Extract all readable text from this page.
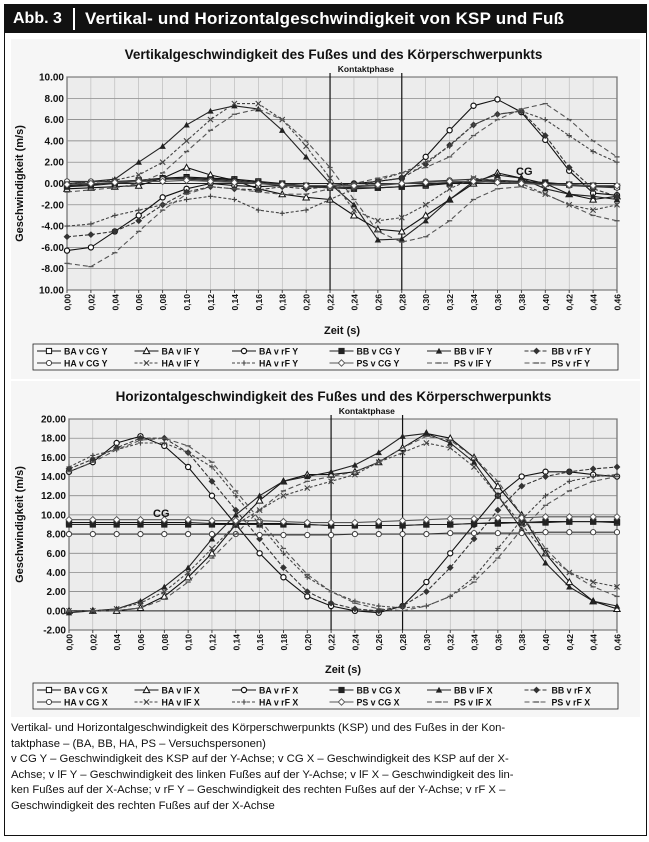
Abb. 3 Vertikal- und Horizontalgeschwindigkeit von KSP und Fuß
Vertikalgeschwindigkeit des Fußes und des Körperschwerpunkts
10.00
8.00
6.00
4.00
2.00
0.00
-2.00
-4.00
-6.00
-8.00
10.00
0,00 0,02 0,04 0,06 0,08 0,10 0,12 0,14 0,16 0,18 0,20 0,22 0,24 0,26 0,28 0,30 0,32 0,34 0,36 0,38 0,40 0,42 0,44 0,46
Kontaktphase
CG
Zeit (s)
Geschwindigkeit (m/s)
BA v CG Y	BA v lF Y	BA v rF Y	BB v CG Y	BB v lF Y	BB v rF Y
HA v CG Y	HA v lF Y	HA v rF Y	PS v CG Y	PS v lF Y	PS v rF Y
Horizontalgeschwindigkeit des Fußes und des Körperschwerpunkts
20.00
18.00
16.00
14.00
12.00
10.00
8.00
6.00
4.00
2.00
0.00
-2.00
0,00 0,02 0,04 0,06 0,08 0,10 0,12 0,14 0,16 0,18 0,20 0,22 0,24 0,26 0,28 0,30 0,32 0,34 0,36 0,38 0,40 0,42 0,44 0,46
Kontaktphase
CG
Zeit (s)
Geschwindigkeit (m/s)
BA v CG X	BA v lF X	BA v rF X	BB v CG X	BB v lF X	BB v rF X
HA v CG X	HA v lF X	HA v rF X	PS v CG X	PS v lF X	PS v rF X
Vertikal- und Horizontalgeschwindigkeit des Körperschwerpunkts (KSP) und des Fußes in der Kon-
taktphase – (BA, BB, HA, PS – Versuchspersonen)
v CG Y – Geschwindigkeit des KSP auf der Y-Achse; v CG X – Geschwindigkeit des KSP auf der X-
Achse; v lF Y – Geschwindigkeit des linken Fußes auf der Y-Achse; v lF X – Geschwindigkeit des lin-
ken Fußes auf der X-Achse; v rF Y – Geschwindigkeit des rechten Fußes auf der Y-Achse; v rF X –
Geschwindigkeit des rechten Fußes auf der X-Achse
